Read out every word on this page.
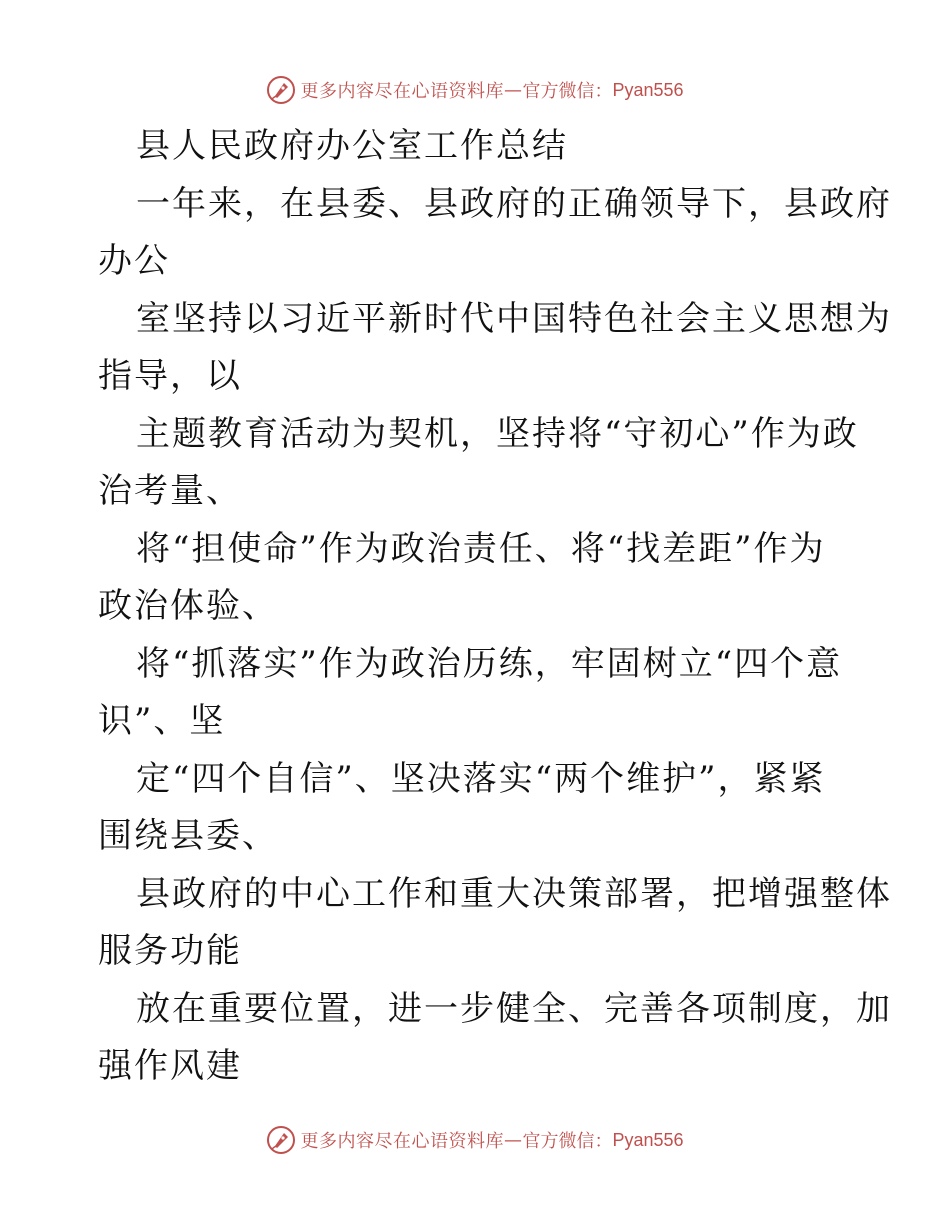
更多内容尽在心语资料库 — 官方微信： Pyan556
县人民政府办公室工作总结
一年来，在县委、县政府的正确领导下，县政府
办公
室坚持以习近平新时代中国特色社会主义思想为
指导，以
主题教育活动为契机，坚持将“守初心”作为政
治考量、
将“担使命”作为政治责任、将“找差距”作为
政治体验、
将“抓落实”作为政治历练，牢固树立“四个意
识”、坚
定“四个自信”、坚决落实“两个维护”，紧紧
围绕县委、
县政府的中心工作和重大决策部署，把增强整体
服务功能
放在重要位置，进一步健全、完善各项制度，加
强作风建
更多内容尽在心语资料库 — 官方微信： Pyan556
